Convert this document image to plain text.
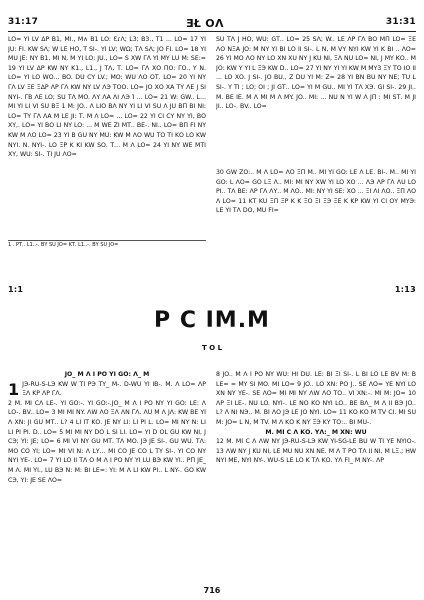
31:17	ƎŁ ΟΛ	31:31

LO= YI LV ΔΡ Β1, MI., M∧ Β1 LO: ԐɾΛ; L3; Β3., Τ1 ... LO= 17 YI JU: FI. KW SΛ; W LE HO, Τ SI-. YI LV; WΩ; TΛ SΛ; JO FI. LO= 18 YI MU JE: NY Β1, MI N, M YI LO: JU., LO= S ΧW ΓΛ YI MY LU M: SE:= 19 YI LV ΔΡ KW NY Κ1., L1., J ΤΛ, Τ. LO= ΓΛ ΧΟ ΠΟ: ΓO., Y Ν. LO= YI LO WΟ... BO. DU CY LV.; MO: WU ΛΟ ΟΤ. LO= 20 YI NY ΓΛ LV ΞΕ ΞΔΡ ΛΡ ΓΛ KW NY LV ΛЭ ΤΟΟ. LO= JO ΧΟ ΧΑ ΤΥ ΛΕ J SI NYI-. ΓΒ ΛΕ LO; SU ΤΛ MO. ΛΥ ΛΑ ΛΙ ΛЭ Ί ... LO= 21 W: GW.. L... MI YI LI VI SU ΒΞ 1 M: JO.. Λ LΙΟ ΒΛ NY YI LI VI SU Λ JU ΒΠ ΒΙ ΝΙ: LO= ΤΥ ΓΛ ΛΑ M LE JI: Τ. M Λ LO= ... LO= 22 YI CI CY NY YI, ΒΟ ΧΥ,. LO= YI ΒΟ LI NY LO: ... M WE ZI MΤ.. ΒΕ-. NI.. LO= ΒΠ FI NY KW M ΛΟ LO= 23 YI Β GU NY MU: KW M ΛΟ WU ΤΟ ΤΙ ΚΟ LO KW NYI. N. NYI-. LO ΞΡ K ΚΙ KW SΟ. Τ... M Λ LO= 24 YI NY WE MΤΙ ΧΥ, WU: SΙ-. ΤΙ JU ΛΟ=

1 . ΡΤ.. L1..-. ΒΥ SU JO= ΚΤ. L1..-. ΒΥ SU JO=

SU ΤΛ J HO, WU: GΤ.. LO= 25 SΛ; W.. LE ΛΡ ΓΛ ΒΟ MΠ LO= ΞΕ ΛΟ NΞΑ JO: M NY YI ΒΙ LO ΙΙ SΙ-. L N, M VY NYI KW YI K ΒΙ .. ΛΟ= 26 YI MO ΛΟ NY LO ΧΝ ΧU NY J KU NI, ΞΛ NU LO= NI, J MY ΚΟ.. M JΟ: KW Y YI L ΞЭ KW D.. LO= 27 YI NY YI YI KW M MY3 ΞΥ ΤΟ ΙΟ ΙΙ ... LO ΧΟ. J SI-. JO ΒU., Z DU YI M: Z= 28 YI ΒΝ ΒU NY ΝΕ; ΤU L SI-. Y ΤΙ ; LO; ΟΙ ; JΙ GΤ.. LO= YI Μ GU.. MI YI ΤΛ ΧЭ. GΙ SΙ-. 29 JI.. M. ΒΕ ΙΕ. M Λ MΙ M Λ MY. JO.. MI: ... NU N YI W Λ JΠ : MΙ SΤ. M JΙ JI.. LO-. ΒV.. LO=

30 GW ZO:.. M Λ LO= ΛΟ ΞΠ M.. MI YI GO: LE Λ LΕ. ΒΙ-. M.. MI YI GO: L ΛΟ= GO LΞ Λ.. MI: MI NY ΧW YI LO ΧΟ ... ΛЭ ΛΡ ΓΛ ΛU LO ΡΙ.. ΤΛ ΒΕ: ΛΡ ΓΛ ΛΥ.. M ΛΟ.. MI: NY YI SΕ: ΧΟ ... ΞΙ ΛΙ ΛΟ.. ΞΠ ΛΟ Λ LO= 11 ΚΤ ΚU ΞΠ ΞΡ Κ Κ ΞΟ ΞΙ ΞЭ ΞΕ Κ ΚΡ KW YI CI ΟΥ ΜΥЭ: LE YI ΤΛ DO, MU FI=

1:1	1:13
Ρ Ϲ ΙΜ.Μ
Τ Ο L

JO_ M Λ Ι ΡΟ YI GO: Λ_ M

1 JЭ-RU-S-LЭ KW W ΤΙ ΡЭ ΤΥ_ M-. D-WU YI ΙΒ-. M. Λ LO= ΛΡ ΞΛ ΚΡ ΛΡ ΓΛ.

2 M. MI CΛ LE-. YI GO:-. YI GO:-.JO_ M Λ Ι ΡΟ NY YI GO: LE: Λ LO-. ΒV.. LO= 3 MI MI NY. ΛW ΛΟ ΞΛ ΛΝ ΓΛ. ΛU M Λ JΛ: KW ΒΕ YI Λ ΧΝ: JI GU MΤ.. L? 4 LI ΙΤ ΚΟ. JE NY LI: LI ΡΙ L. LO= MI NY N: LI LI ΡΙ ΡΙ. D.. LO= 5 MI MI NY DO L SΙ LI. LO= YI D ΟL GU KW NI, J CЭ; YI: JE; LO= 6 MI VI NY GU MΤ. ΤΛ MO. JЭ JE SΙ-. GU WU. ΤΛ: MO CO YI; LO= MI VI N: Λ LΥ... MI CO JE CO L ΤΥ SI-. YI CO NY NYI ΥΕ-. LO= 7 YI LO ΙΙ ΤΛ Ο M Λ Ι ΡΟ NY YI LU ΒЭ KW YI.. ΡΠ JE_ M Λ. MI YI., LU ΒЭ N: M: ΒΙ LE=: YI: M Λ LI KW ΡΙ.. L NY-. GO KW CЭ, YI: JE SE ΛΟ=

8 JO.. M Λ Ι ΡΟ NY WU: ΗΙ DU. LE: ΒΙ ΞΙ SI-. L ΒΙ LO LE ΒV M: Β LE= = MY SΙ MO. MI LO= 9 JO.. LO ΧΝ: ΡΟ J.. SE ΛΟ= YE NYI LO ΧΝ NY ΥΕ-. SE ΛΟ= MI MI NY ΛW ΛΟ ΤΟ.. VI ΧΝ:-. MI M: JO= 10 ΛΡ ΞΙ LE-. NU LO. NYI-. LE NO ΚΟ NYI LO.. ΒΕ ΒΛ_ M Λ ΙΙ ΒЭ JO.. L? Λ NI ΝЭ.. M. ΒΙ ΛΟ JЭ LE JO NYI. LO= 11 ΚΟ ΚΟ M ΤV CΙ. MΙ SU M: JO= L N, M ΤV. M Λ ΚΟ Κ NY ΞЭ ΚΥ ΤΟ:.. ΒΙ MU-.

M. MI C Λ ΚΟ. ΥΛ:_ M ΧΝ: WU

12 M. MI C Λ ΛW NY JЭ-RU-S-LЭ KW YI-SG-LE ΒU W ΤΙ ΥΕ NYIO-. 13 ΛW NY J KU NI, LE MU NU ΧΝ ΝΕ. M Λ Τ ΡΟ ΤΛ ΙΙ ΝΙ, M LΞ.; ΗW NYI ME, NYI NY-. WU-S LE LO Κ ΤΛ ΚΟ. ΥΛ FI_ M NY-. ΛΡ

716
